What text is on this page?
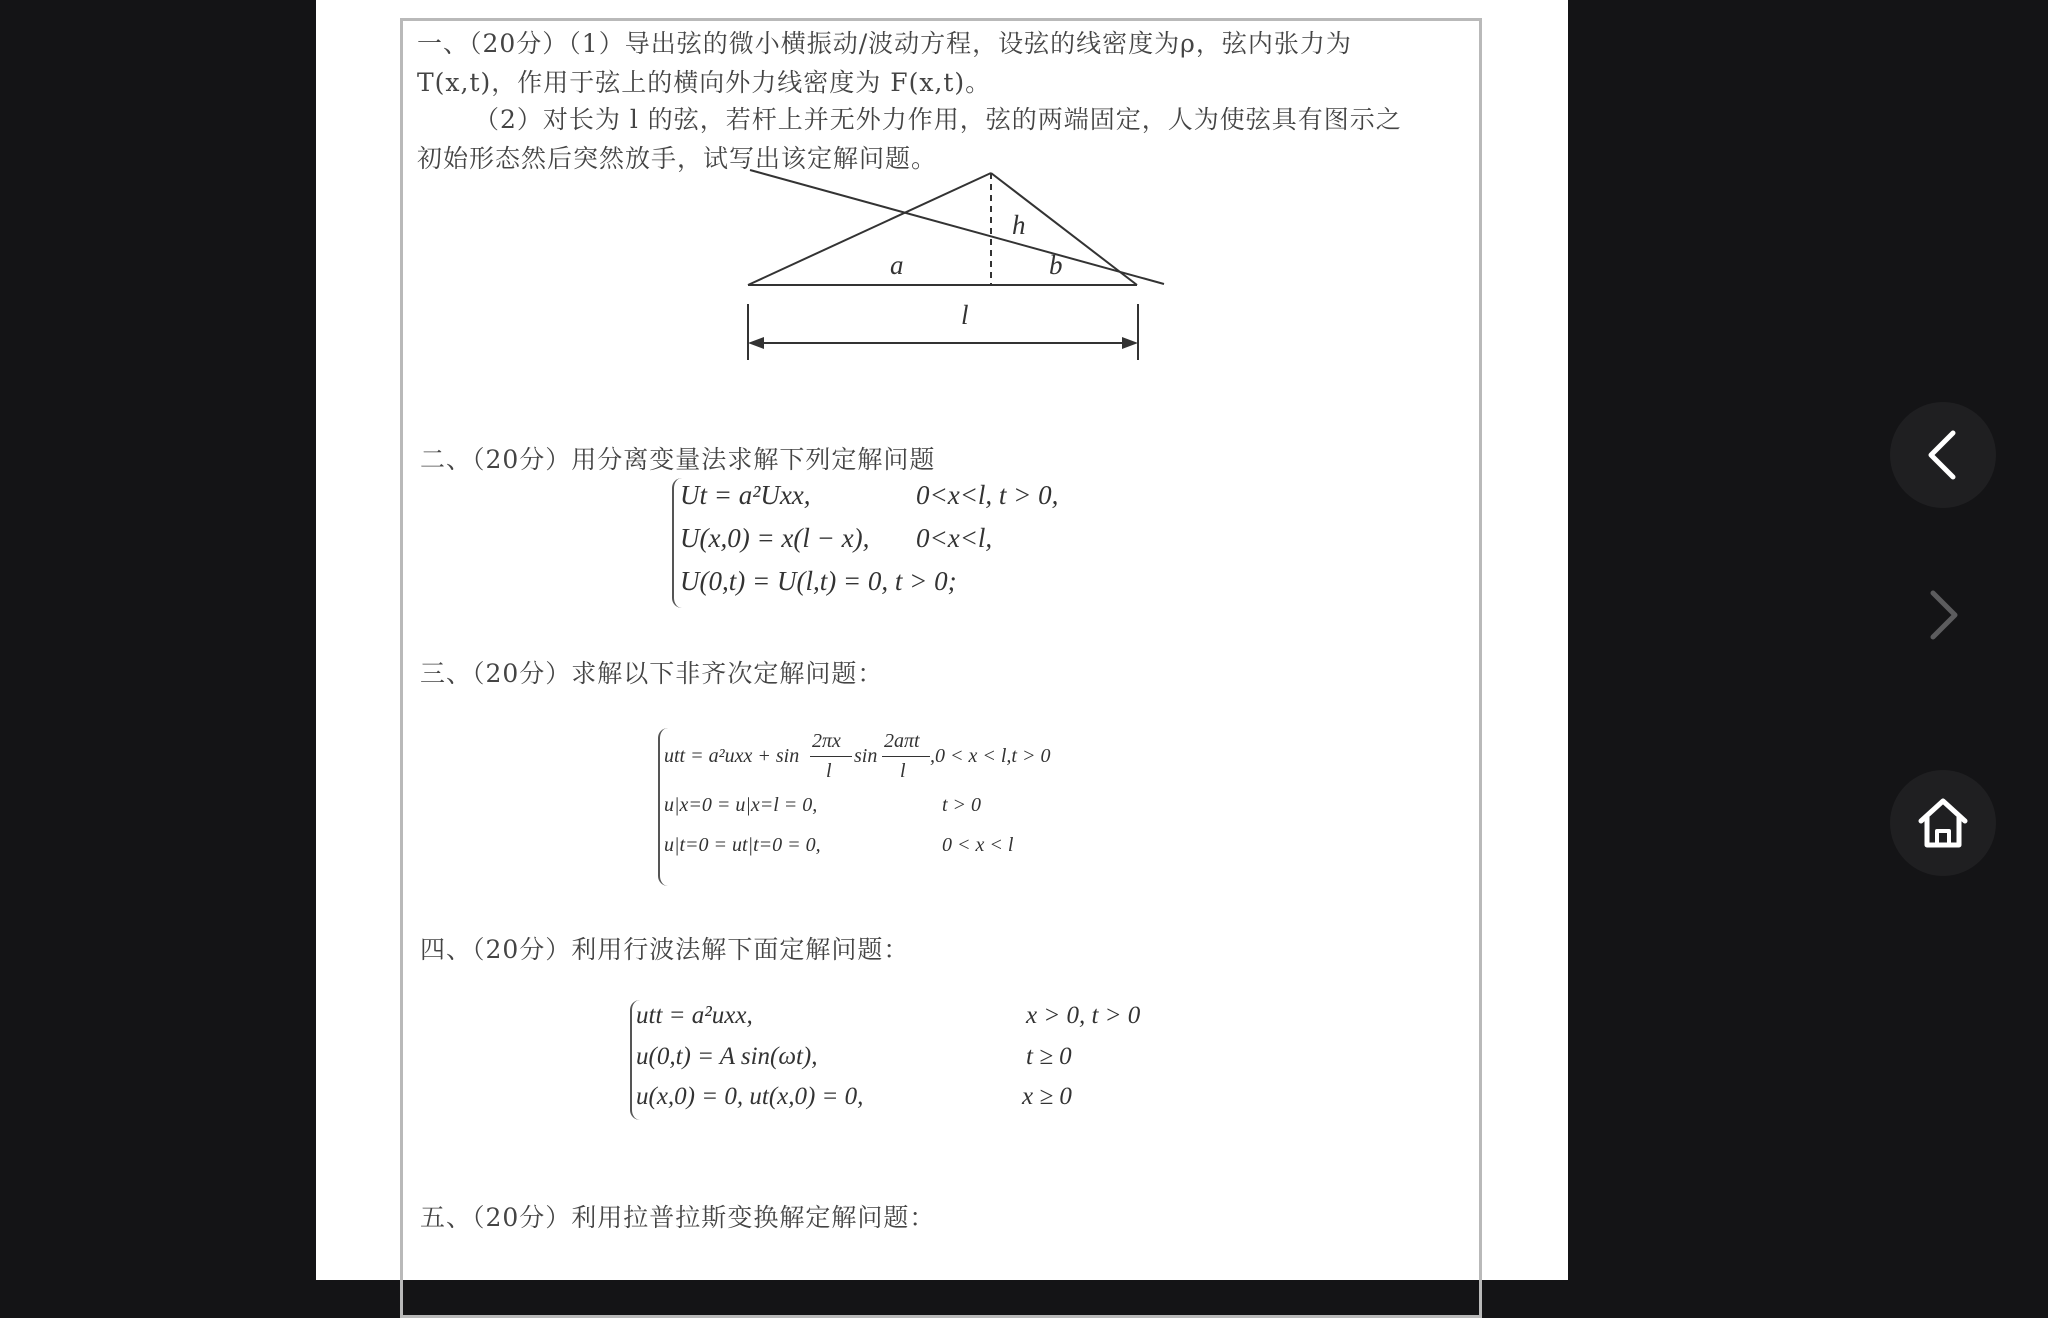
一、（20分）（1）导出弦的微小横振动/波动方程，设弦的线密度为ρ，弦内张力为
T(x,t)，作用于弦上的横向外力线密度为 F(x,t)。
（2）对长为 l 的弦，若杆上并无外力作用，弦的两端固定，人为使弦具有图示之
初始形态然后突然放手，试写出该定解问题。
a	b
h
l
二、（20分）用分离变量法求解下列定解问题
Ut = a²Uxx,	0<x<l, t > 0,
U(x,0) = x(l − x), 0<x<l,
U(0,t) = U(l,t) = 0, t > 0;
三、（20分）求解以下非齐次定解问题：
utt = a²uxx + sin
2πx
l
sin
2aπt
l
,0 < x < l,t > 0
u|x=0 = u|x=l = 0,	t > 0
u|t=0 = ut|t=0 = 0,	0 < x < l
四、（20分）利用行波法解下面定解问题：
utt = a²uxx,	x > 0, t > 0
u(0,t) = A sin(ωt),	t ≥ 0
u(x,0) = 0, ut(x,0) = 0,	x ≥ 0
五、（20分）利用拉普拉斯变换解定解问题：
